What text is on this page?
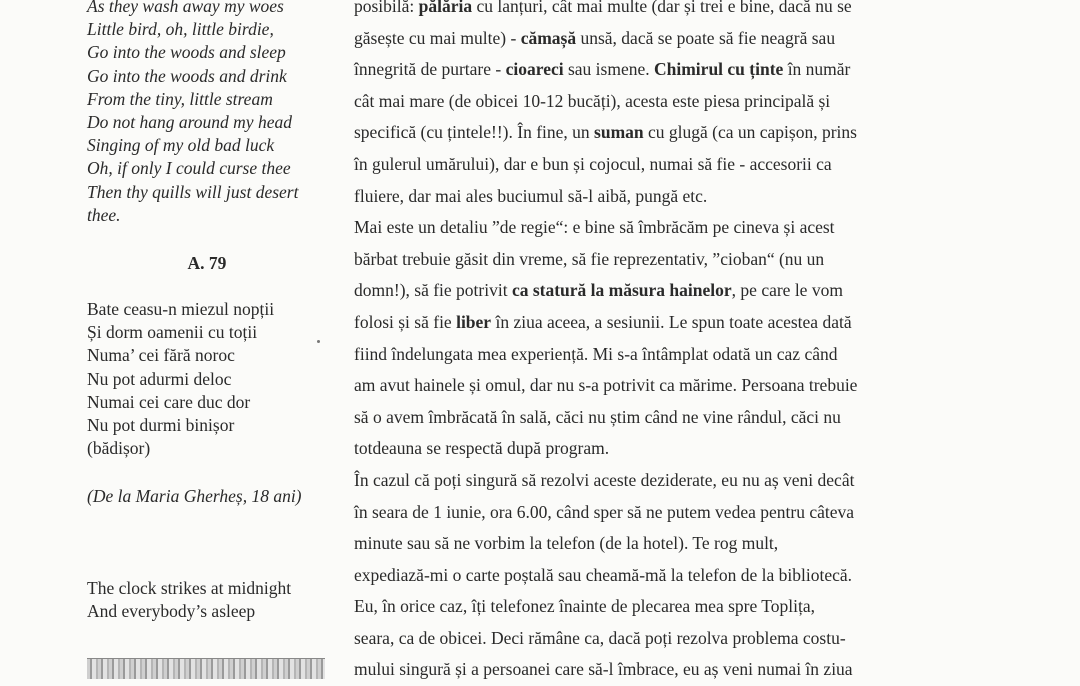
As they wash away my woes
Little bird, oh, little birdie,
Go into the woods and sleep
Go into the woods and drink
From the tiny, little stream
Do not hang around my head
Singing of my old bad luck
Oh, if only I could curse thee
Then thy quills will just desert
thee.
A. 79
Bate ceasu-n miezul nopții
Și dorm oamenii cu toții
Numa’ cei fără noroc
Nu pot adurmi deloc
Numai cei care duc dor
Nu pot durmi binișor
(bădișor)
(De la Maria Gherheș, 18 ani)
The clock strikes at midnight
And everybody’s asleep
posibilă: pălăria cu lanțuri, cât mai multe (dar și trei e bine, dacă nu se
găsește cu mai multe) - cămașă unsă, dacă se poate să fie neagră sau
înnegrită de purtare - cioareci sau ismene. Chimirul cu ținte în număr
cât mai mare (de obicei 10-12 bucăți), acesta este piesa principală și
specifică (cu țintele!!). În fine, un suman cu glugă (ca un capișon, prins
în gulerul umărului), dar e bun și cojocul, numai să fie - accesorii ca
fluiere, dar mai ales buciumul să-l aibă, pungă etc.
Mai este un detaliu ”de regie“: e bine să îmbrăcăm pe cineva și acest
bărbat trebuie găsit din vreme, să fie reprezentativ, ”cioban“ (nu un
domn!), să fie potrivit ca statură la măsura hainelor, pe care le vom
folosi și să fie liber în ziua aceea, a sesiunii. Le spun toate acestea dată
fiind îndelungata mea experiență. Mi s-a întâmplat odată un caz când
am avut hainele și omul, dar nu s-a potrivit ca mărime. Persoana trebuie
să o avem îmbrăcată în sală, căci nu știm când ne vine rândul, căci nu
totdeauna se respectă după program.
În cazul că poți singură să rezolvi aceste deziderate, eu nu aș veni decât
în seara de 1 iunie, ora 6.00, când sper să ne putem vedea pentru câteva
minute sau să ne vorbim la telefon (de la hotel). Te rog mult,
expediază-mi o carte poștală sau cheamă-mă la telefon de la bibliotecă.
Eu, în orice caz, îți telefonez înainte de plecarea mea spre Toplița,
seara, ca de obicei. Deci rămâne ca, dacă poți rezolva problema costu-
mului singură și a persoanei care să-l îmbrace, eu aș veni numai în ziua
